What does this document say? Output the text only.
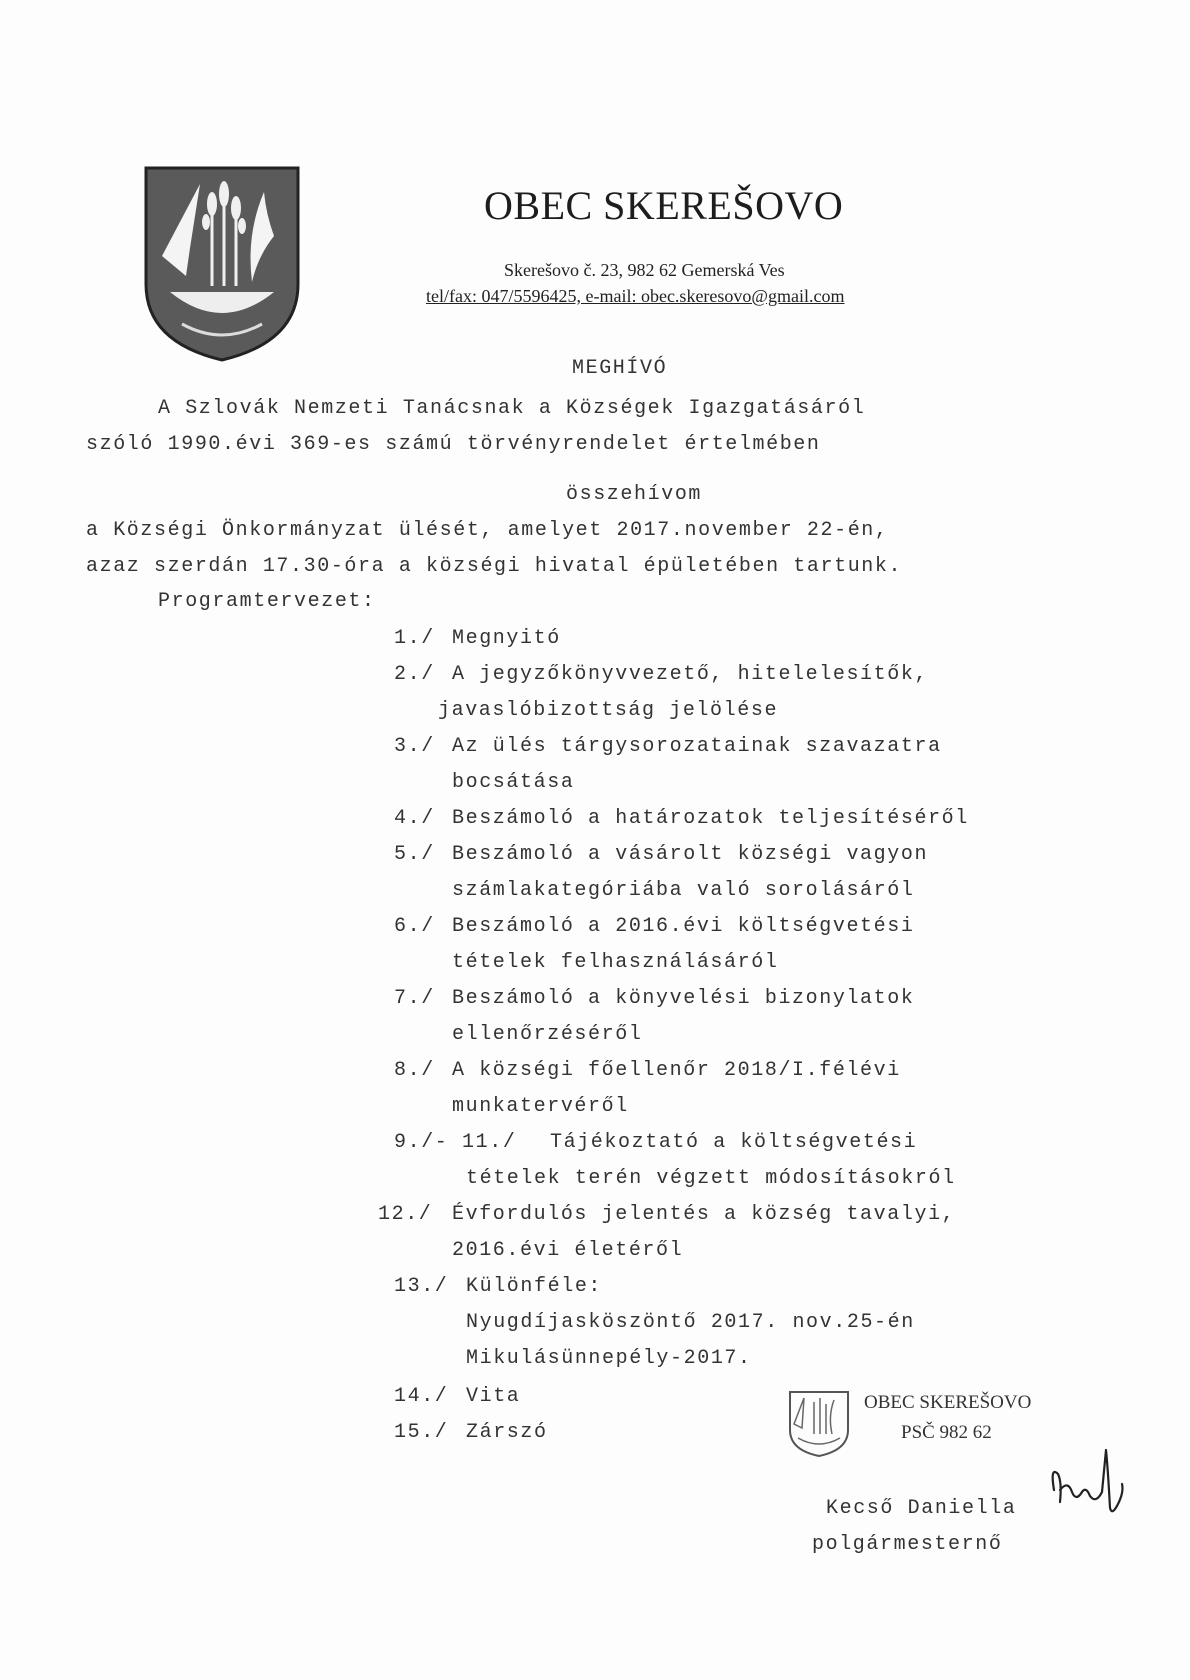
OBEC SKEREŠOVO
Skerešovo č. 23, 982 62 Gemerská Ves
tel/fax: 047/5596425, e-mail: obec.skeresovo@gmail.com
MEGHÍVÓ
A Szlovák Nemzeti Tanácsnak a Községek Igazgatásáról
szóló 1990.évi 369-es számú törvényrendelet értelmében
összehívom
a Községi Önkormányzat ülését, amelyet 2017.november 22-én,
azaz szerdán 17.30-óra a községi hivatal épületében tartunk.
Programtervezet:
1./ Megnyitó
2./ A jegyzőkönyvvezető, hitelelesítők,
javaslóbizottság jelölése
3./ Az ülés tárgysorozatainak szavazatra
bocsátása
4./ Beszámoló a határozatok teljesítéséről
5./ Beszámoló a vásárolt községi vagyon
számlakategóriába való sorolásáról
6./ Beszámoló a 2016.évi költségvetési
tételek felhasználásáról
7./ Beszámoló a könyvelési bizonylatok
ellenőrzéséről
8./ A községi főellenőr 2018/I.félévi
munkatervéről
9./- 11./ Tájékoztató a költségvetési
tételek terén végzett módosításokról
12./ Évfordulós jelentés a község tavalyi,
2016.évi életéről
13./ Különféle:
Nyugdíjasköszöntő 2017. nov.25-én
Mikulásünnepély-2017.
14./ Vita
15./ Zárszó
OBEC SKEREŠOVO
PSČ 982 62
Kecső Daniella
polgármesternő
